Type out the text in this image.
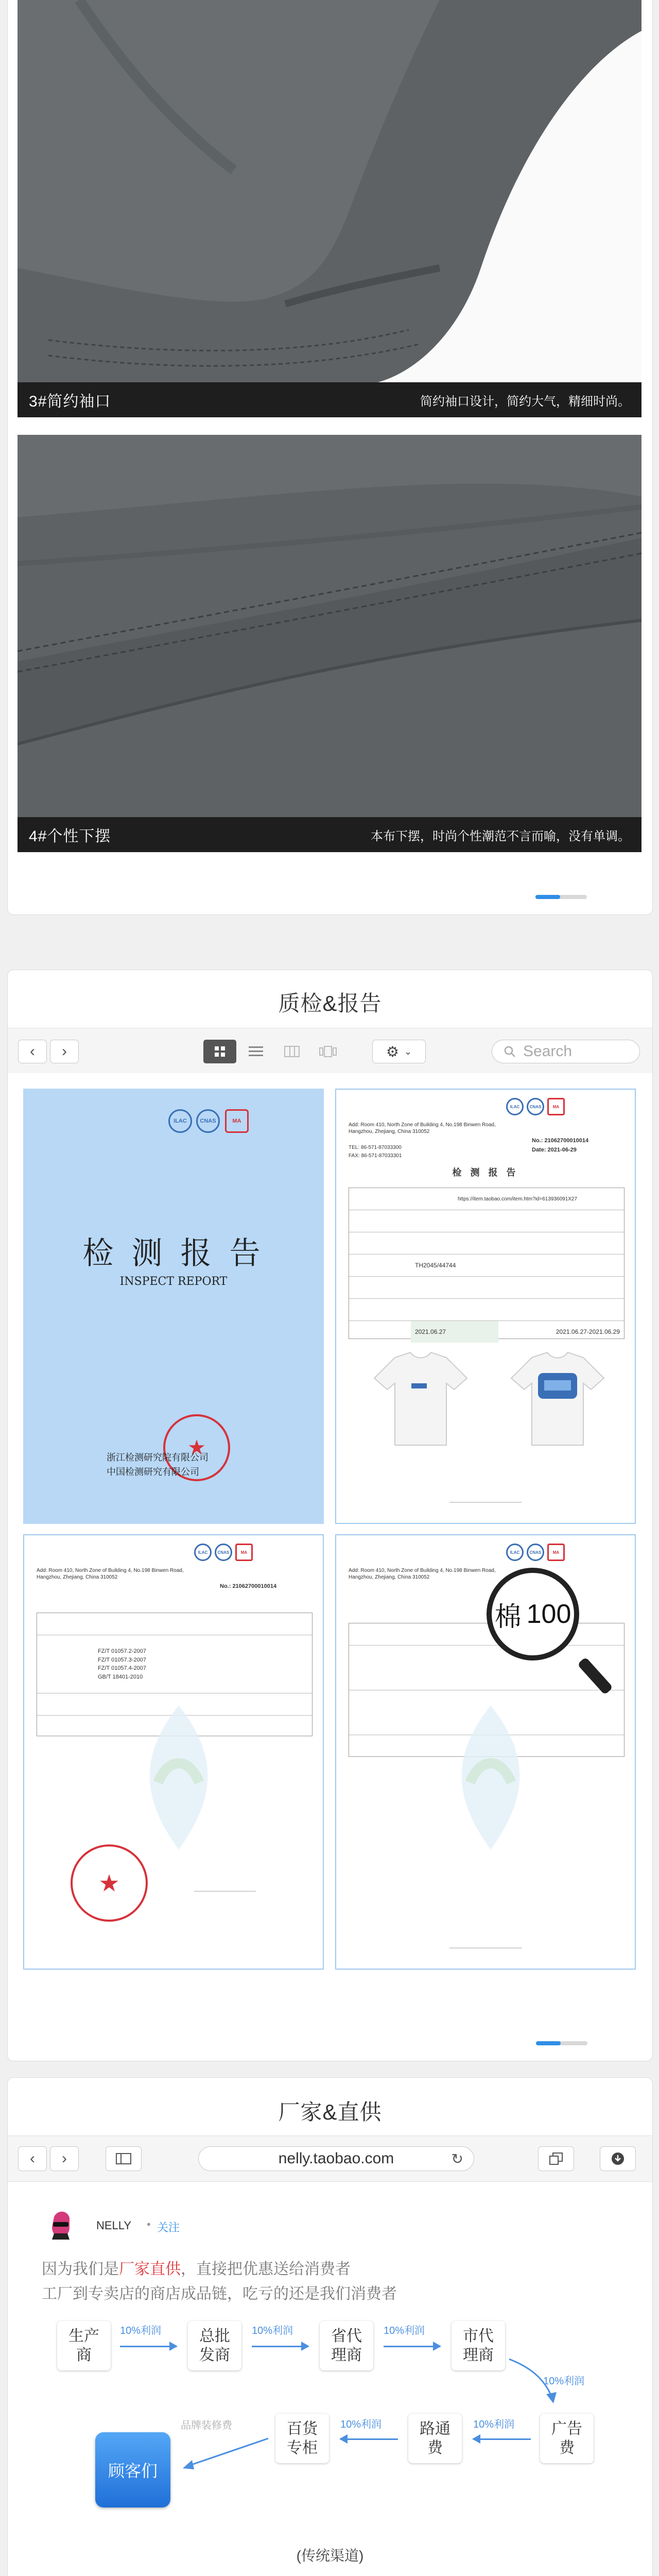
3#简约袖口	简约袖口设计，简约大气，精细时尚。
4#个性下摆	本布下摆，时尚个性潮范不言而喻，没有单调。
质检&报告
‹ ›	⚙ ⌄	Search
ILAC	CNAS	MA
检 测 报 告
INSPECT REPORT
★
浙江检测研究院有限公司
中国检测研究有限公司
ILAC	CNAS	MA
Add: Room 410, North Zone of Building 4, No.198 Binwen Road, Hangzhou, Zhejiang, China 310052
No.: 21062700010014
TEL: 86-571-87033300	Date: 2021-06-29
FAX: 86-571-87033301
检 测 报 告
https://item.taobao.com/item.htm?id=613936091X27
TH2045/44744
2021.06.27	2021.06.27-2021.06.29
ILAC	CNAS	MA
Add: Room 410, North Zone of Building 4, No.198 Binwen Road, Hangzhou, Zhejiang, China 310052
No.: 21062700010014
FZ/T 01057.2-2007
FZ/T 01057.3-2007
FZ/T 01057.4-2007
GB/T 18401-2010
★
ILAC	CNAS	MA
Add: Room 410, North Zone of Building 4, No.198 Binwen Road, Hangzhou, Zhejiang, China 310052
棉 100
厂家&直供
‹ ›	nelly.taobao.com	↻
NELLY • 关注
因为我们是厂家直供，直接把优惠送给消费者
工厂到专卖店的商店成品链，吃亏的还是我们消费者
生产商
10%利润	总批发商
10%利润	省代理商
10%利润	市代理商
10%利润
广告费
10%利润
路通费
10%利润
百货专柜
品牌装修费
顾客们
(传统渠道)
